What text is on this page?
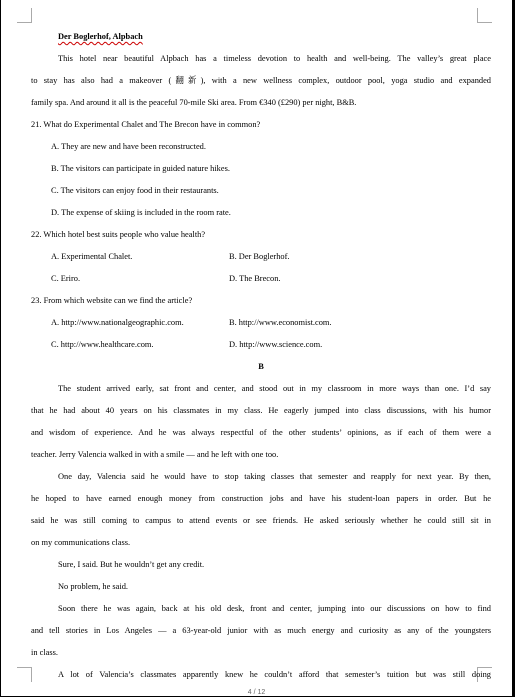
Der Boglerhof, Alpbach
This hotel near beautiful Alpbach has a timeless devotion to health and well-being. The valley’s great place
to stay has also had a makeover (翻新), with a new wellness complex, outdoor pool, yoga studio and expanded
family spa. And around it all is the peaceful 70-mile Ski area. From €340 (£290) per night, B&B.
21. What do Experimental Chalet and The Brecon have in common?
A. They are new and have been reconstructed.
B. The visitors can participate in guided nature hikes.
C. The visitors can enjoy food in their restaurants.
D. The expense of skiing is included in the room rate.
22. Which hotel best suits people who value health?
A. Experimental Chalet.	B. Der Boglerhof.
C. Eriro.	D. The Brecon.
23. From which website can we find the article?
A. http://www.nationalgeographic.com.	B. http://www.economist.com.
C. http://www.healthcare.com.	D. http://www.science.com.
B
The student arrived early, sat front and center, and stood out in my classroom in more ways than one. I’d say
that he had about 40 years on his classmates in my class. He eagerly jumped into class discussions, with his humor
and wisdom of experience. And he was always respectful of the other students’ opinions, as if each of them were a
teacher. Jerry Valencia walked in with a smile — and he left with one too.
One day, Valencia said he would have to stop taking classes that semester and reapply for next year. By then,
he hoped to have earned enough money from construction jobs and have his student-loan papers in order. But he
said he was still coming to campus to attend events or see friends. He asked seriously whether he could still sit in
on my communications class.
Sure, I said. But he wouldn’t get any credit.
No problem, he said.
Soon there he was again, back at his old desk, front and center, jumping into our discussions on how to find
and tell stories in Los Angeles — a 63-year-old junior with as much energy and curiosity as any of the youngsters
in class.
A lot of Valencia’s classmates apparently knew he couldn’t afford that semester’s tuition but was still doing
4 / 12
